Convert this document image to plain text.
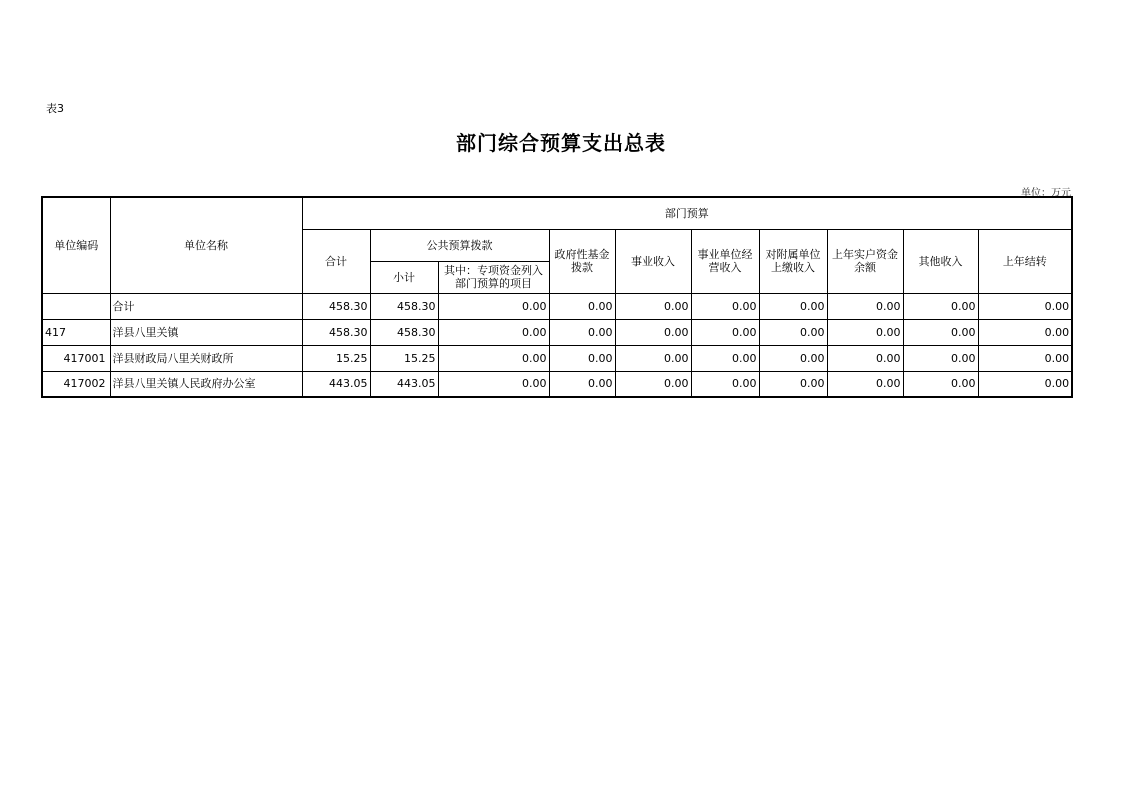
表3
部门综合预算支出总表
单位：万元
单位编码	单位名称	部门预算									
		合计	公共预算拨款		政府性基金拨款	事业收入	事业单位经营收入	对附属单位上缴收入	上年实户资金余额	其他收入	上年结转
			小计	其中：专项资金列入部门预算的项目							
	合计	458.30	458.30	0.00	0.00	0.00	0.00	0.00	0.00	0.00	0.00
417	洋县八里关镇	458.30	458.30	0.00	0.00	0.00	0.00	0.00	0.00	0.00	0.00
417001	洋县财政局八里关财政所	15.25	15.25	0.00	0.00	0.00	0.00	0.00	0.00	0.00	0.00
417002	洋县八里关镇人民政府办公室	443.05	443.05	0.00	0.00	0.00	0.00	0.00	0.00	0.00	0.00
